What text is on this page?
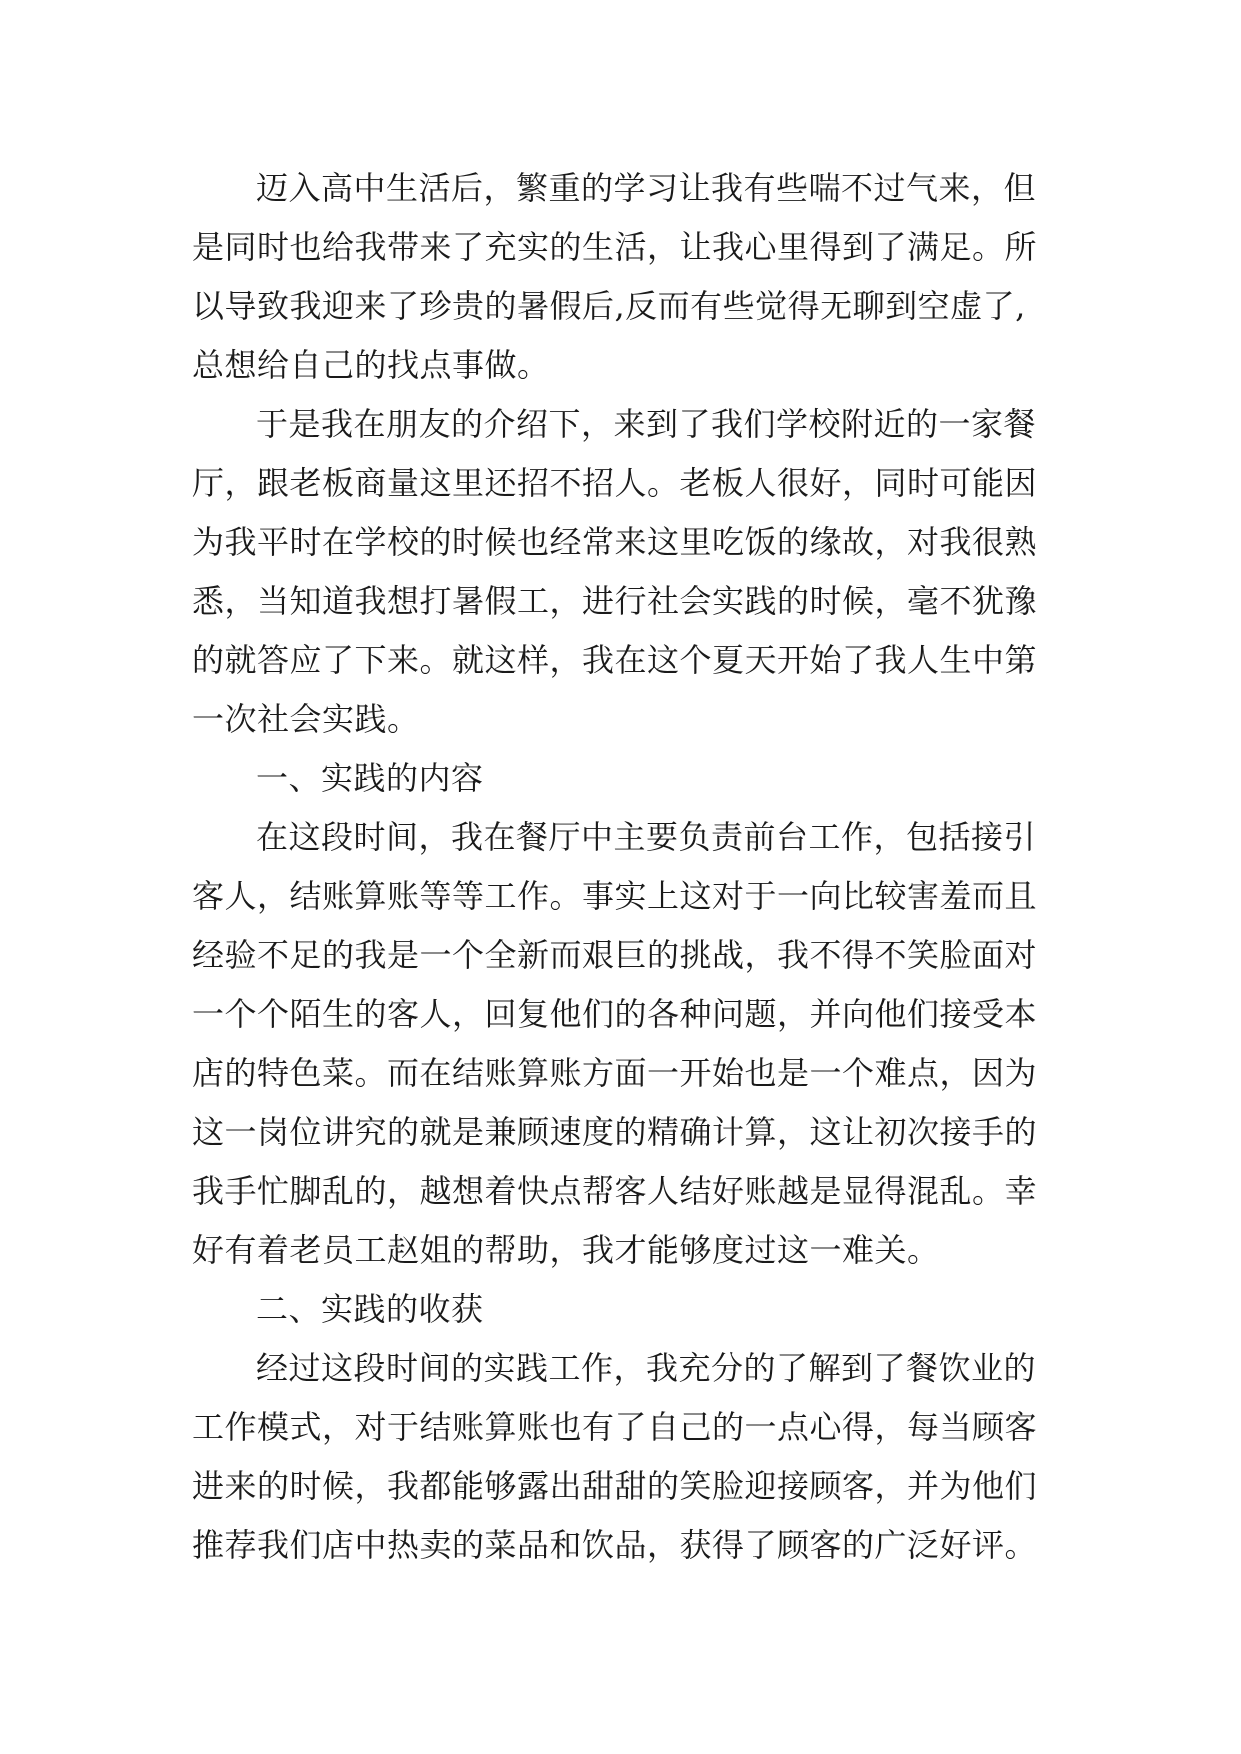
迈入高中生活后，繁重的学习让我有些喘不过气来，但
是同时也给我带来了充实的生活，让我心里得到了满足。所
以导致我迎来了珍贵的暑假后,反而有些觉得无聊到空虚了,
总想给自己的找点事做。
于是我在朋友的介绍下，来到了我们学校附近的一家餐
厅，跟老板商量这里还招不招人。老板人很好，同时可能因
为我平时在学校的时候也经常来这里吃饭的缘故，对我很熟
悉，当知道我想打暑假工，进行社会实践的时候，毫不犹豫
的就答应了下来。就这样，我在这个夏天开始了我人生中第
一次社会实践。
一、实践的内容
在这段时间，我在餐厅中主要负责前台工作，包括接引
客人，结账算账等等工作。事实上这对于一向比较害羞而且
经验不足的我是一个全新而艰巨的挑战，我不得不笑脸面对
一个个陌生的客人，回复他们的各种问题，并向他们接受本
店的特色菜。而在结账算账方面一开始也是一个难点，因为
这一岗位讲究的就是兼顾速度的精确计算，这让初次接手的
我手忙脚乱的，越想着快点帮客人结好账越是显得混乱。幸
好有着老员工赵姐的帮助，我才能够度过这一难关。
二、实践的收获
经过这段时间的实践工作，我充分的了解到了餐饮业的
工作模式，对于结账算账也有了自己的一点心得，每当顾客
进来的时候，我都能够露出甜甜的笑脸迎接顾客，并为他们
推荐我们店中热卖的菜品和饮品，获得了顾客的广泛好评。
